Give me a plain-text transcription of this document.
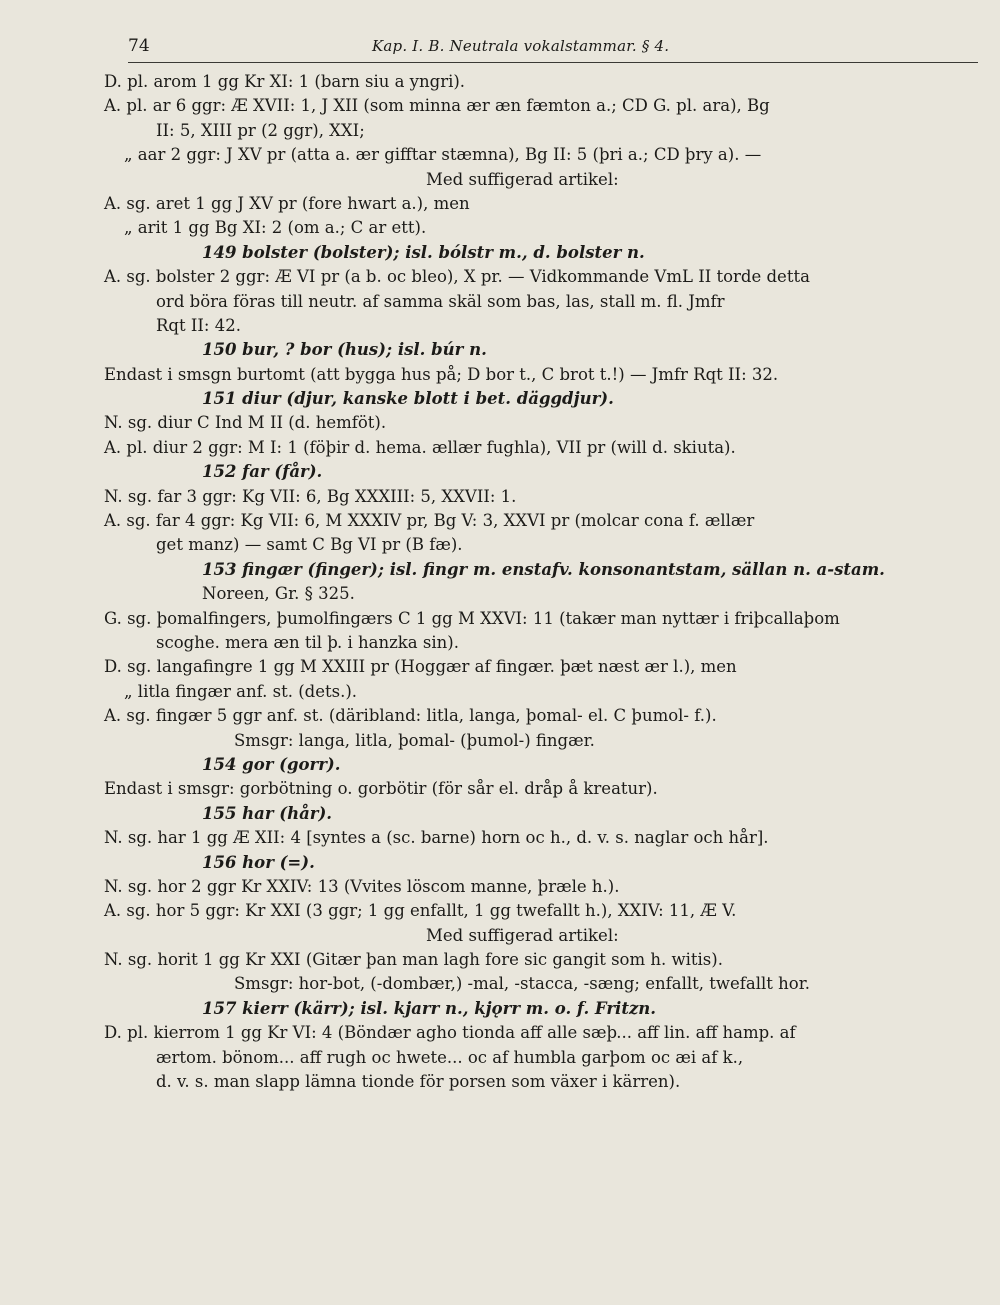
74	Kap. I. B. Neutrala vokalstammar. § 4.
D. pl. arom 1 gg Kr XI: 1 (barn siu a yngri).
A. pl. ar 6 ggr: Æ XVII: 1, J XII (som minna ær æn fæmton a.; CD G. pl. ara), Bg
II: 5, XIII pr (2 ggr), XXI;
„ aar 2 ggr: J XV pr (atta a. ær gifftar stæmna), Bg II: 5 (þri a.; CD þry a). —
Med suffigerad artikel:
A. sg. aret 1 gg J XV pr (fore hwart a.), men
„ arit 1 gg Bg XI: 2 (om a.; C ar ett).
149 bolster (bolster); isl. bólstr m., d. bolster n.
A. sg. bolster 2 ggr: Æ VI pr (a b. oc bleo), X pr. — Vidkommande VmL II torde detta
ord böra föras till neutr. af samma skäl som bas, las, stall m. fl. Jmfr
Rqt II: 42.
150 bur, ? bor (hus); isl. búr n.
Endast i smsgn burtomt (att bygga hus på; D bor t., C brot t.!) — Jmfr Rqt II: 32.
151 diur (djur, kanske blott i bet. däggdjur).
N. sg. diur C Ind M II (d. hemföt).
A. pl. diur 2 ggr: M I: 1 (föþir d. hema. ællær fughla), VII pr (will d. skiuta).
152 far (får).
N. sg. far 3 ggr: Kg VII: 6, Bg XXXIII: 5, XXVII: 1.
A. sg. far 4 ggr: Kg VII: 6, M XXXIV pr, Bg V: 3, XXVI pr (molcar cona f. ællær
get manz) — samt C Bg VI pr (B fæ).
153 fingær (finger); isl. fingr m. enstafv. konsonantstam, sällan n. a-stam.
Noreen, Gr. § 325.
G. sg. þomalfingers, þumolfingærs C 1 gg M XXVI: 11 (takær man nyttær i friþcallaþom
scoghe. mera æn til þ. i hanzka sin).
D. sg. langafingre 1 gg M XXIII pr (Hoggær af fingær. þæt næst ær l.), men
„ litla fingær anf. st. (dets.).
A. sg. fingær 5 ggr anf. st. (däribland: litla, langa, þomal- el. C þumol- f.).
Smsgr: langa, litla, þomal- (þumol-) fingær.
154 gor (gorr).
Endast i smsgr: gorbötning o. gorbötir (för sår el. dråp å kreatur).
155 har (hår).
N. sg. har 1 gg Æ XII: 4 [syntes a (sc. barne) horn oc h., d. v. s. naglar och hår].
156 hor (=).
N. sg. hor 2 ggr Kr XXIV: 13 (Vvites löscom manne, þræle h.).
A. sg. hor 5 ggr: Kr XXI (3 ggr; 1 gg enfallt, 1 gg twefallt h.), XXIV: 11, Æ V.
Med suffigerad artikel:
N. sg. horit 1 gg Kr XXI (Gitær þan man lagh fore sic gangit som h. witis).
Smsgr: hor-bot, (-dombær,) -mal, -stacca, -sæng; enfallt, twefallt hor.
157 kierr (kärr); isl. kjarr n., kjǫrr m. o. f. Fritzn.
D. pl. kierrom 1 gg Kr VI: 4 (Böndær agho tionda aff alle sæþ... aff lin. aff hamp. af
ærtom. bönom... aff rugh oc hwete... oc af humbla garþom oc æi af k.,
d. v. s. man slapp lämna tionde för porsen som växer i kärren).
